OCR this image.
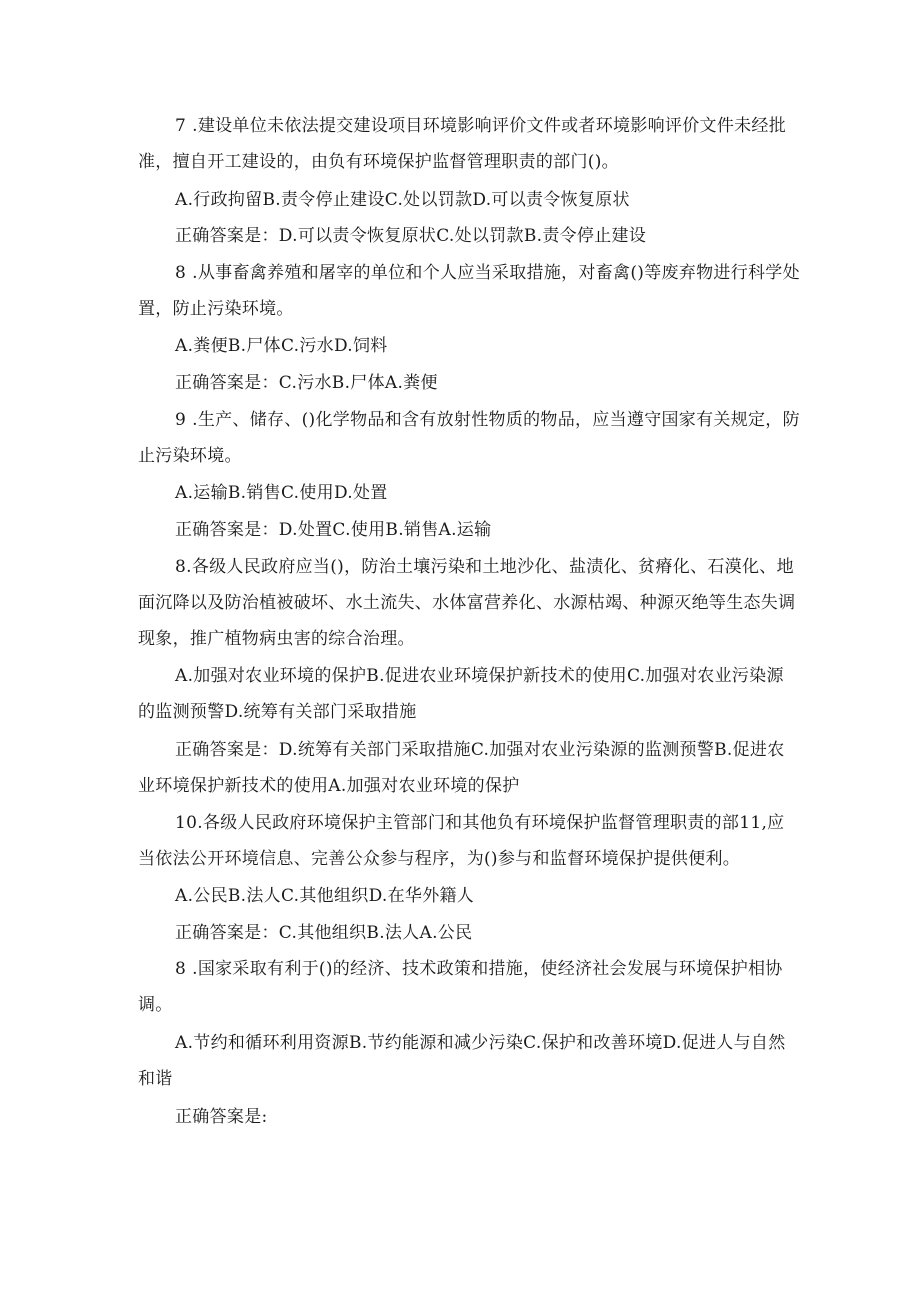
7 .建设单位未依法提交建设项目环境影响评价文件或者环境影响评价文件未经批准，擅自开工建设的，由负有环境保护监督管理职责的部门()。
A.行政拘留B.责令停止建设C.处以罚款D.可以责令恢复原状
正确答案是：D.可以责令恢复原状C.处以罚款B.责令停止建设
8 .从事畜禽养殖和屠宰的单位和个人应当采取措施，对畜禽()等废弃物进行科学处置，防止污染环境。
A.粪便B.尸体C.污水D.饲料
正确答案是：C.污水B.尸体A.粪便
9 .生产、储存、()化学物品和含有放射性物质的物品，应当遵守国家有关规定，防止污染环境。
A.运输B.销售C.使用D.处置
正确答案是：D.处置C.使用B.销售A.运输
8.各级人民政府应当()，防治土壤污染和土地沙化、盐渍化、贫瘠化、石漠化、地面沉降以及防治植被破坏、水土流失、水体富营养化、水源枯竭、种源灭绝等生态失调现象，推广植物病虫害的综合治理。
A.加强对农业环境的保护B.促进农业环境保护新技术的使用C.加强对农业污染源的监测预警D.统筹有关部门采取措施
正确答案是：D.统筹有关部门采取措施C.加强对农业污染源的监测预警B.促进农业环境保护新技术的使用A.加强对农业环境的保护
10.各级人民政府环境保护主管部门和其他负有环境保护监督管理职责的部11,应当依法公开环境信息、完善公众参与程序，为()参与和监督环境保护提供便利。
A.公民B.法人C.其他组织D.在华外籍人
正确答案是：C.其他组织B.法人A.公民
8 .国家采取有利于()的经济、技术政策和措施，使经济社会发展与环境保护相协调。
A.节约和循环利用资源B.节约能源和减少污染C.保护和改善环境D.促进人与自然和谐
正确答案是:
